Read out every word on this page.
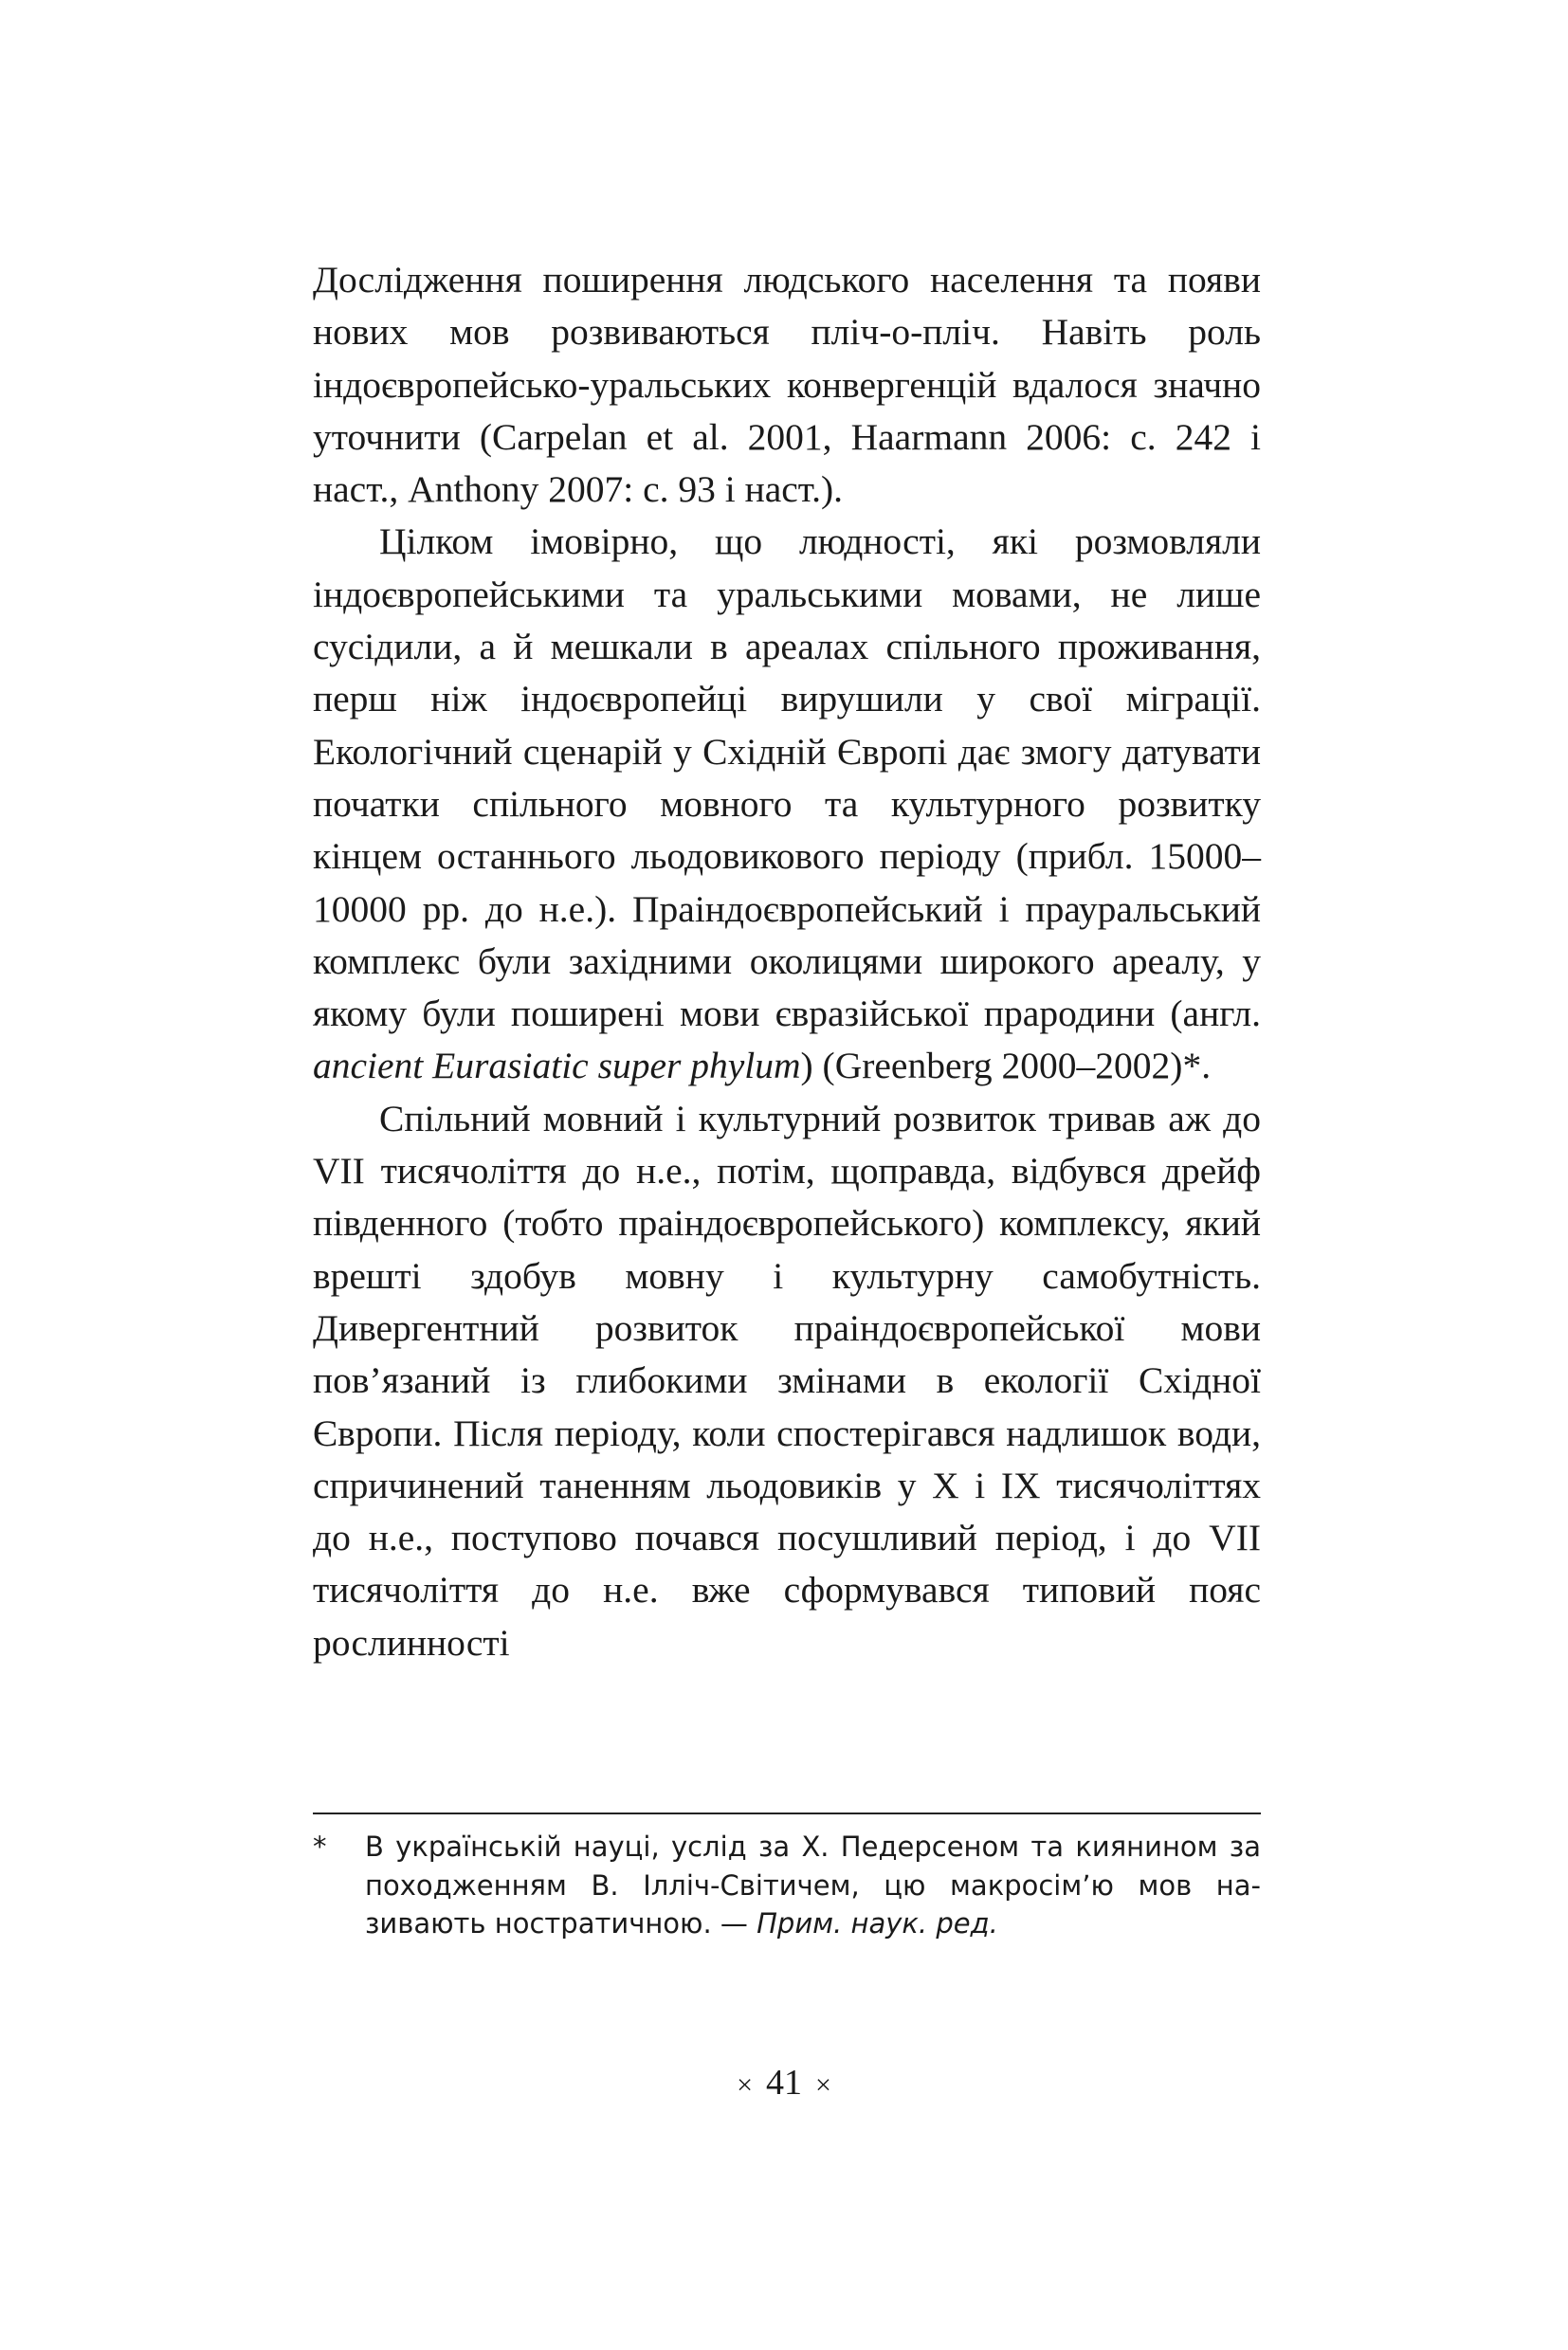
Дослідження поширення людського населення та появи нових мов розвиваються пліч-о-пліч. Навіть роль індоєвропейсько-уральських конвергенцій вдалося значно уточнити (Carpelan et al. 2001, Haarmann 2006: с. 242 і наст., Anthony 2007: с. 93 і наст.).

Цілком імовірно, що людності, які розмовляли індоєвропейськими та уральськими мовами, не лише сусідили, а й мешкали в ареалах спільного проживання, перш ніж індоєвропейці вирушили у свої міграції. Екологічний сценарій у Східній Європі дає змогу датувати початки спільного мовного та культурного розвитку кінцем останнього льодовикового періоду (прибл. 15000–10000 рр. до н.е.). Праіндоєвропейський і прауральський комплекс були західними околицями широкого ареалу, у якому були поширені мови євразійської прародини (англ. ancient Eurasiatic super phylum) (Greenberg 2000–2002)*.

Спільний мовний і культурний розвиток тривав аж до VII тисячоліття до н.е., потім, щоправда, відбувся дрейф південного (тобто праіндоєвропейського) комплексу, який врешті здобув мовну і культурну самобутність. Дивергентний розвиток праіндоєвропейської мови пов’язаний із глибокими змінами в екології Східної Європи. Після періоду, коли спостерігався надлишок води, спричинений таненням льодовиків у X і IX тисячоліттях до н.е., поступово почався посушливий період, і до VII тисячоліття до н.е. вже сформувався типовий пояс рослинності

* В українській науці, услід за Х. Педерсеном та киянином за походженням В. Ілліч-Світичем, цю макросім’ю мов називають ностратичною. — Прим. наук. ред.
× 41 ×
